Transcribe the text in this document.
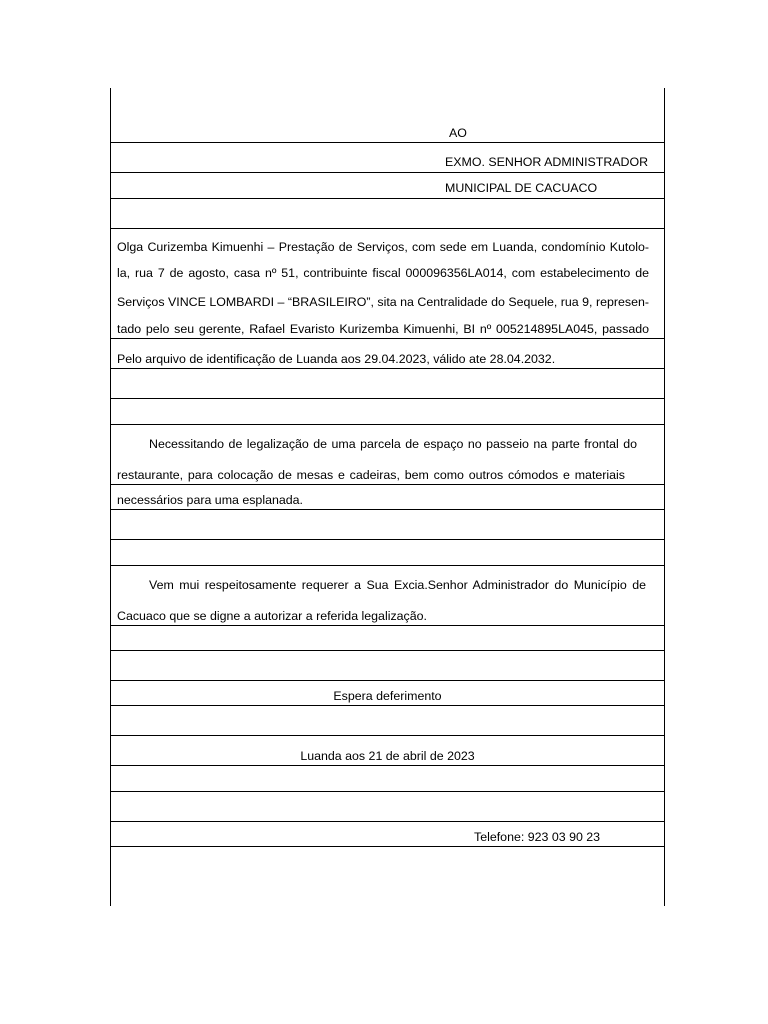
AO
EXMO. SENHOR ADMINISTRADOR
MUNICIPAL DE CACUACO
Olga Curizemba Kimuenhi – Prestação de Serviços, com sede em Luanda, condomínio Kutolo-
la, rua 7 de agosto, casa nº 51, contribuinte fiscal 000096356LA014, com estabelecimento de
Serviços VINCE LOMBARDI – “BRASILEIRO”, sita na Centralidade do Sequele, rua 9, represen-
tado pelo seu gerente, Rafael Evaristo Kurizemba Kimuenhi, BI nº 005214895LA045, passado
Pelo arquivo de identificação de Luanda aos 29.04.2023, válido ate 28.04.2032.
Necessitando de legalização de uma parcela de espaço no passeio na parte frontal do
restaurante, para colocação de mesas e cadeiras, bem como outros cómodos e materiais
necessários para uma esplanada.
Vem mui respeitosamente requerer a Sua Excia.Senhor Administrador do Município de
Cacuaco que se digne a autorizar a referida legalização.
Espera deferimento
Luanda aos 21 de abril de 2023
Telefone: 923 03 90 23
